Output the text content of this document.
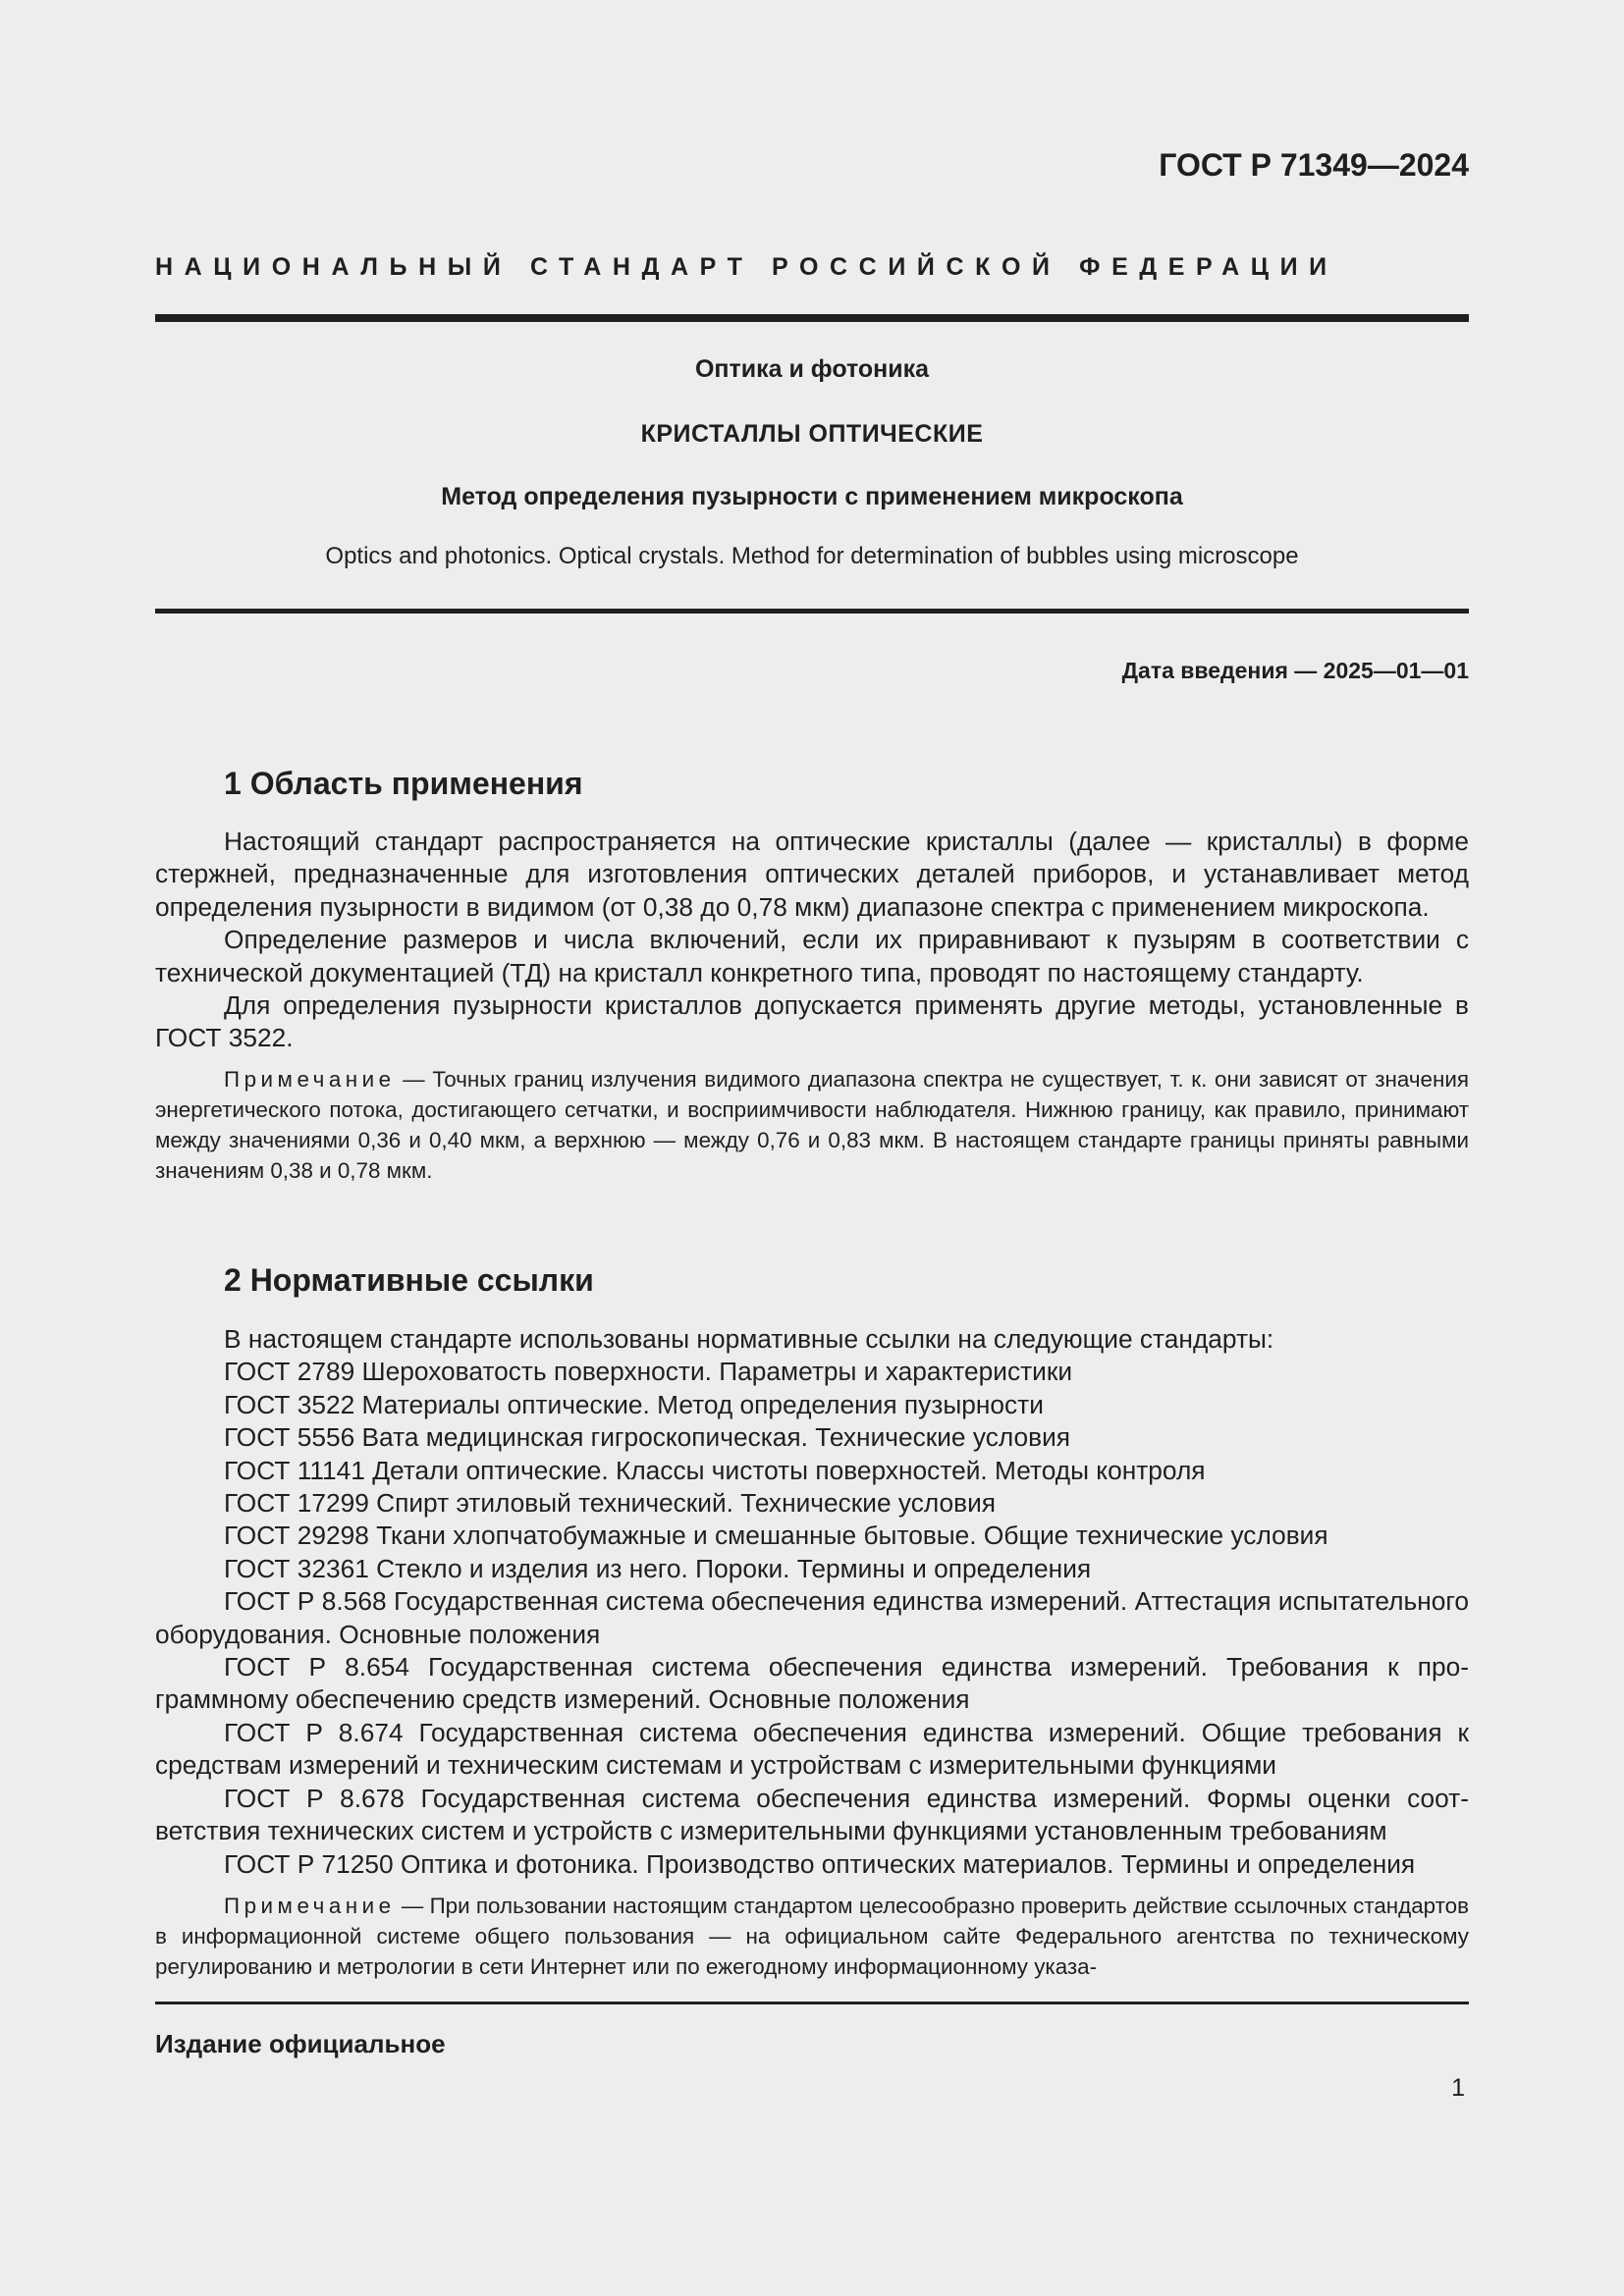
ГОСТ Р 71349—2024
НАЦИОНАЛЬНЫЙ СТАНДАРТ РОССИЙСКОЙ ФЕДЕРАЦИИ
Оптика и фотоника
КРИСТАЛЛЫ ОПТИЧЕСКИЕ
Метод определения пузырности с применением микроскопа
Optics and photonics. Optical crystals. Method for determination of bubbles using microscope
Дата введения — 2025—01—01
1 Область применения

Настоящий стандарт распространяется на оптические кристаллы (далее — кристаллы) в форме стержней, предназначенные для изготовления оптических деталей приборов, и устанавливает метод определения пузырности в видимом (от 0,38 до 0,78 мкм) диапазоне спектра с применением микроскопа.

Определение размеров и числа включений, если их приравнивают к пузырям в соответствии с технической документацией (ТД) на кристалл конкретного типа, проводят по настоящему стандарту.

Для определения пузырности кристаллов допускается применять другие методы, установленные в ГОСТ 3522.

Примечание — Точных границ излучения видимого диапазона спектра не существует, т. к. они зависят от значения энергетического потока, достигающего сетчатки, и восприимчивости наблюдателя. Нижнюю границу, как правило, принимают между значениями 0,36 и 0,40 мкм, а верхнюю — между 0,76 и 0,83 мкм. В настоящем стандарте границы приняты равными значениям 0,38 и 0,78 мкм.

2 Нормативные ссылки

В настоящем стандарте использованы нормативные ссылки на следующие стандарты:

ГОСТ 2789 Шероховатость поверхности. Параметры и характеристики

ГОСТ 3522 Материалы оптические. Метод определения пузырности

ГОСТ 5556 Вата медицинская гигроскопическая. Технические условия

ГОСТ 11141 Детали оптические. Классы чистоты поверхностей. Методы контроля

ГОСТ 17299 Спирт этиловый технический. Технические условия

ГОСТ 29298 Ткани хлопчатобумажные и смешанные бытовые. Общие технические условия

ГОСТ 32361 Стекло и изделия из него. Пороки. Термины и определения

ГОСТ Р 8.568 Государственная система обеспечения единства измерений. Аттестация испытательного оборудования. Основные положения

ГОСТ Р 8.654 Государственная система обеспечения единства измерений. Требования к программному обеспечению средств измерений. Основные положения

ГОСТ Р 8.674 Государственная система обеспечения единства измерений. Общие требования к средствам измерений и техническим системам и устройствам с измерительными функциями

ГОСТ Р 8.678 Государственная система обеспечения единства измерений. Формы оценки соответствия технических систем и устройств с измерительными функциями установленным требованиям

ГОСТ Р 71250 Оптика и фотоника. Производство оптических материалов. Термины и определения

Примечание — При пользовании настоящим стандартом целесообразно проверить действие ссылочных стандартов в информационной системе общего пользования — на официальном сайте Федерального агентства по техническому регулированию и метрологии в сети Интернет или по ежегодному информационному указа-

Издание официальное
1
